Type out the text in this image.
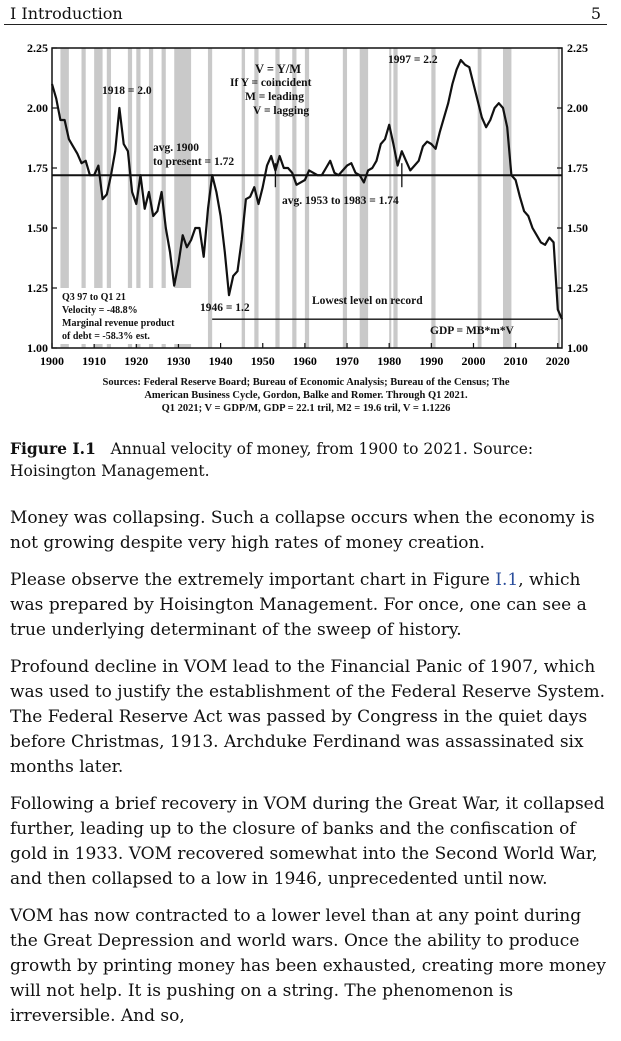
I Introduction	5
2.25
2.00
1.75
1.50
1.25
1.00
2.25
2.00
1.75
1.50
1.25
1.00
1900 1910 1920 1930 1940 1950 1960 1970 1980 1990 2000 2010 2020
V = Y/M
If Y = coincident
M = leading
V = lagging
1918 = 2.0
1997 = 2.2
avg. 1900
to present = 1.72
avg. 1953 to 1983 = 1.74
1946 = 1.2
Lowest level on record
GDP = MB*m*V
Q3 97 to Q1 21
Velocity = -48.8%
Marginal revenue product
of debt = -58.3% est.
Sources: Federal Reserve Board; Bureau of Economic Analysis; Bureau of the Census; The
American Business Cycle, Gordon, Balke and Romer. Through Q1 2021.
Q1 2021; V = GDP/M, GDP = 22.1 tril, M2 = 19.6 tril, V = 1.1226
Figure I.1 Annual velocity of money, from 1900 to 2021. Source: Hoisington Management.

Money was collapsing. Such a collapse occurs when the economy is not growing despite very high rates of money creation.

Please observe the extremely important chart in Figure I.1, which was prepared by Hoisington Management. For once, one can see a true underlying determinant of the sweep of history.

Profound decline in VOM lead to the Financial Panic of 1907, which was used to justify the establishment of the Federal Reserve System. The Federal Reserve Act was passed by Congress in the quiet days before Christmas, 1913. Archduke Ferdinand was assassinated six months later.

Following a brief recovery in VOM during the Great War, it collapsed further, leading up to the closure of banks and the confiscation of gold in 1933. VOM recovered somewhat into the Second World War, and then collapsed to a low in 1946, unprecedented until now.

VOM has now contracted to a lower level than at any point during the Great Depression and world wars. Once the ability to produce growth by printing money has been exhausted, creating more money will not help. It is pushing on a string. The phenomenon is irreversible. And so,
